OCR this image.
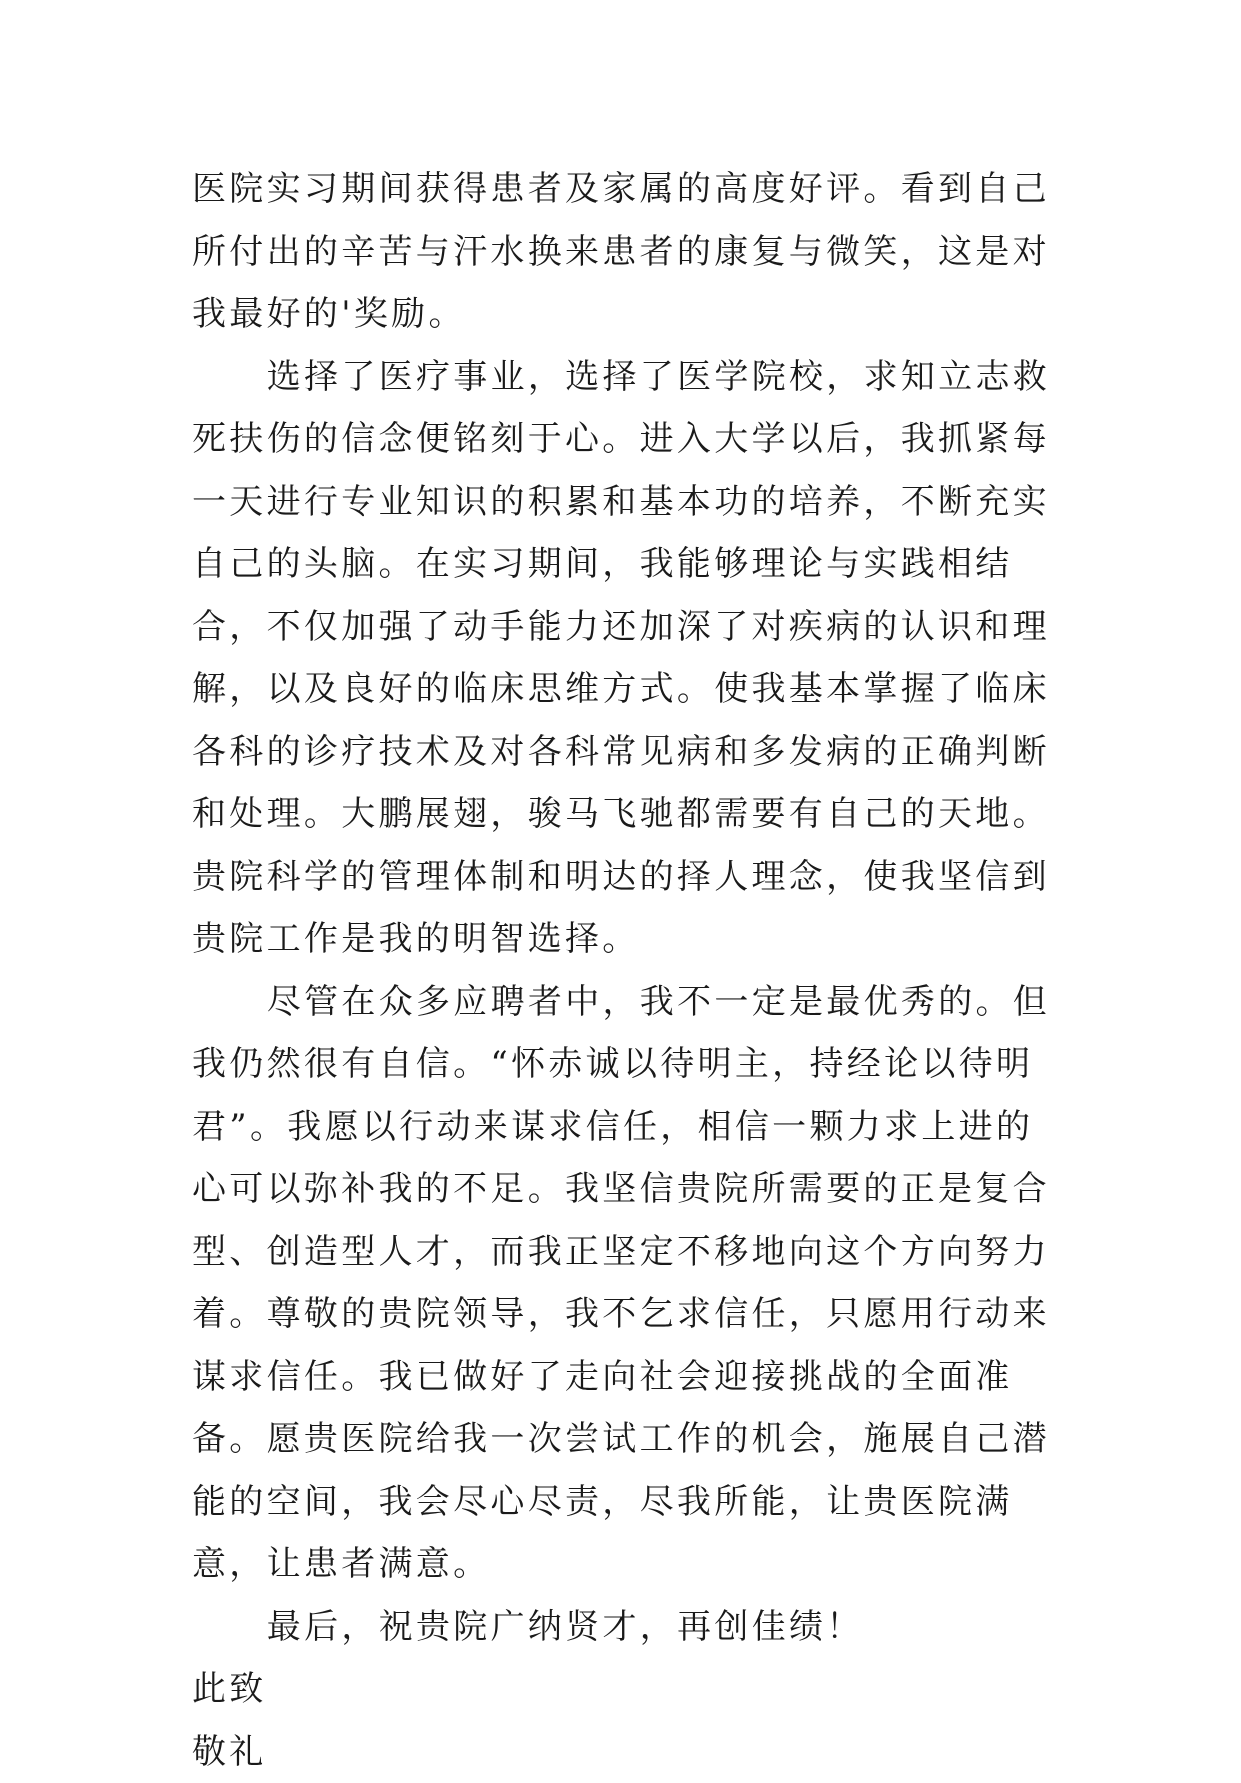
医院实习期间获得患者及家属的高度好评。看到自己所付出的辛苦与汗水换来患者的康复与微笑，这是对我最好的'奖励。

选择了医疗事业，选择了医学院校，求知立志救死扶伤的信念便铭刻于心。进入大学以后，我抓紧每一天进行专业知识的积累和基本功的培养，不断充实自己的头脑。在实习期间，我能够理论与实践相结合，不仅加强了动手能力还加深了对疾病的认识和理解，以及良好的临床思维方式。使我基本掌握了临床各科的诊疗技术及对各科常见病和多发病的正确判断和处理。大鹏展翅，骏马飞驰都需要有自己的天地。贵院科学的管理体制和明达的择人理念，使我坚信到贵院工作是我的明智选择。

尽管在众多应聘者中，我不一定是最优秀的。但我仍然很有自信。“怀赤诚以待明主，持经论以待明君”。我愿以行动来谋求信任，相信一颗力求上进的心可以弥补我的不足。我坚信贵院所需要的正是复合型、创造型人才，而我正坚定不移地向这个方向努力着。尊敬的贵院领导，我不乞求信任，只愿用行动来谋求信任。我已做好了走向社会迎接挑战的全面准备。愿贵医院给我一次尝试工作的机会，施展自己潜能的空间，我会尽心尽责，尽我所能，让贵医院满意，让患者满意。

最后，祝贵院广纳贤才，再创佳绩！

此致

敬礼
